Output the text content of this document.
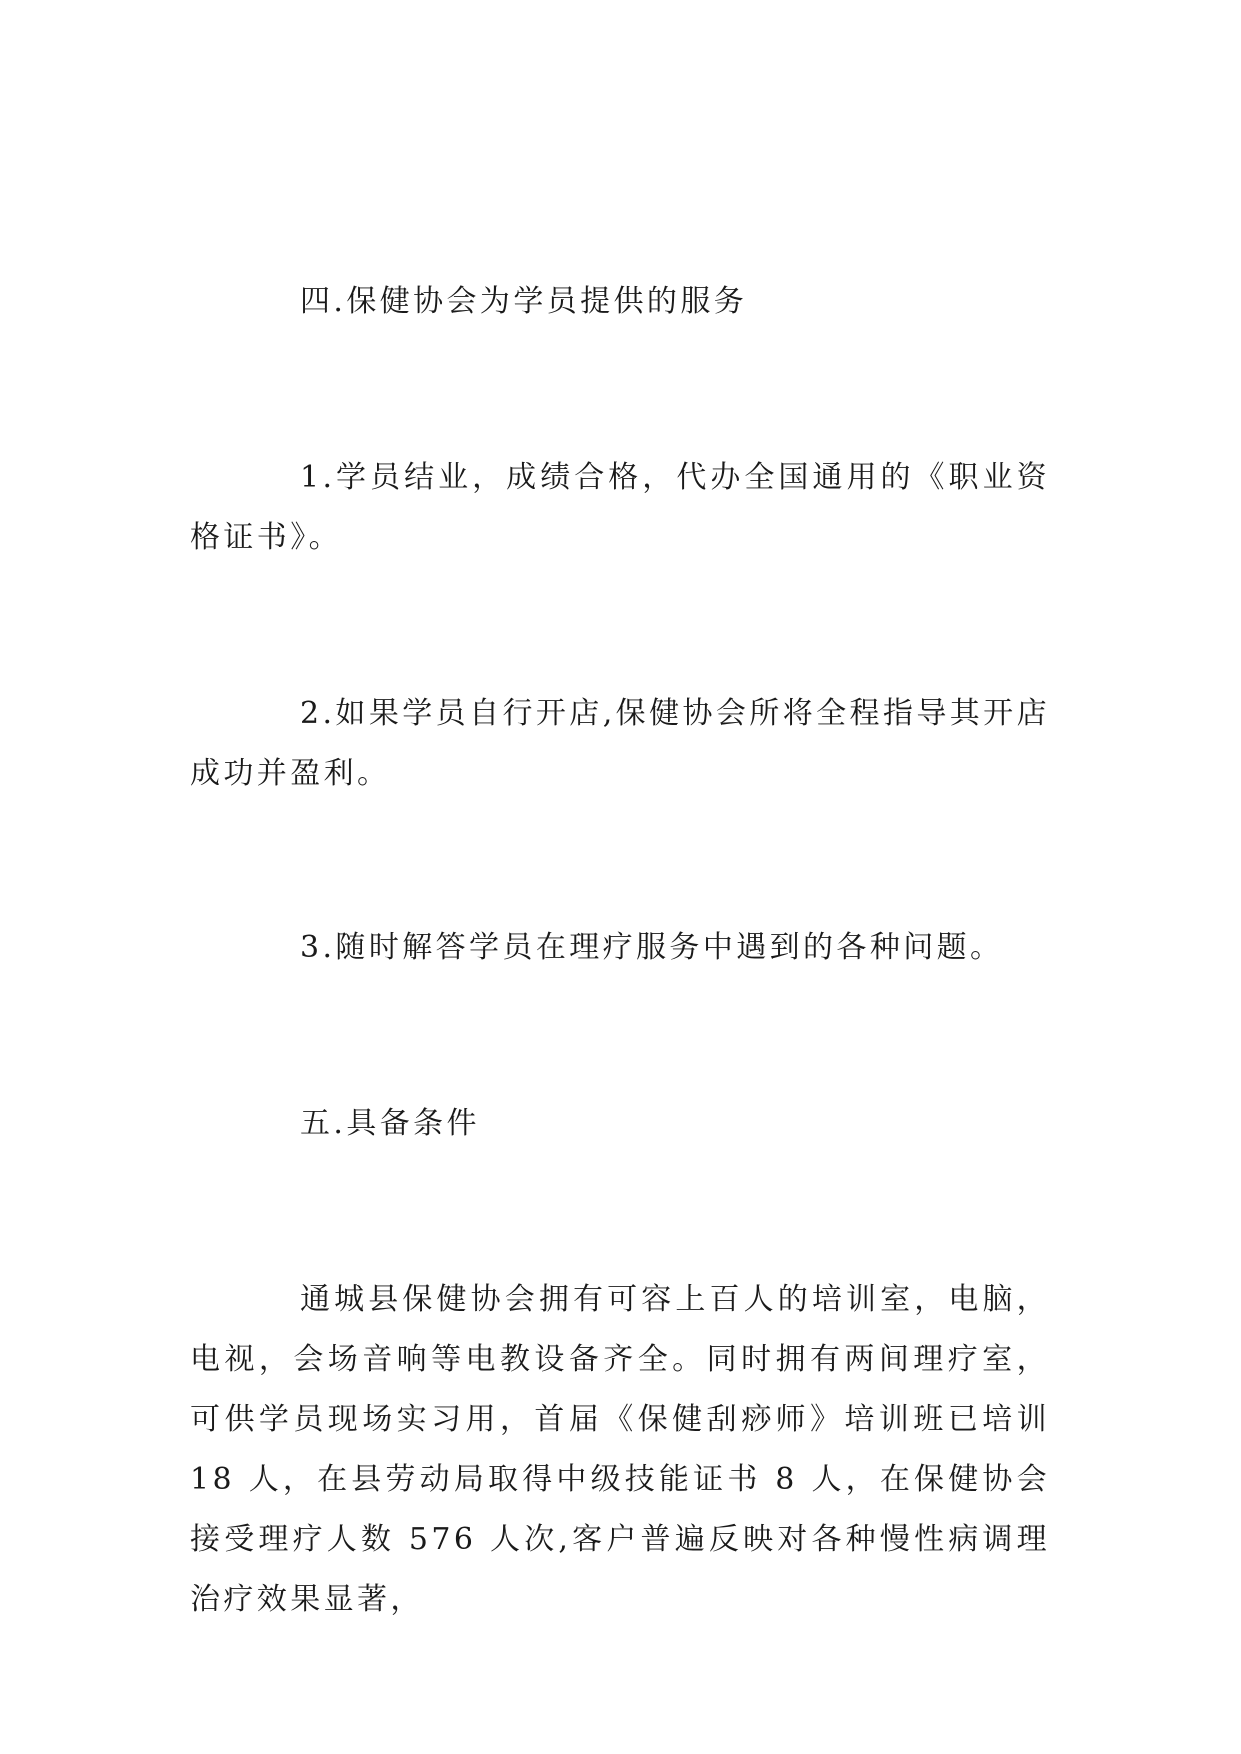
四.保健协会为学员提供的服务

1.学员结业，成绩合格，代办全国通用的《职业资格证书》。

2.如果学员自行开店,保健协会所将全程指导其开店成功并盈利。

3.随时解答学员在理疗服务中遇到的各种问题。

五.具备条件

通城县保健协会拥有可容上百人的培训室，电脑，电视，会场音响等电教设备齐全。同时拥有两间理疗室，可供学员现场实习用，首届《保健刮痧师》培训班已培训 18 人，在县劳动局取得中级技能证书 8 人，在保健协会接受理疗人数 576 人次,客户普遍反映对各种慢性病调理治疗效果显著，
